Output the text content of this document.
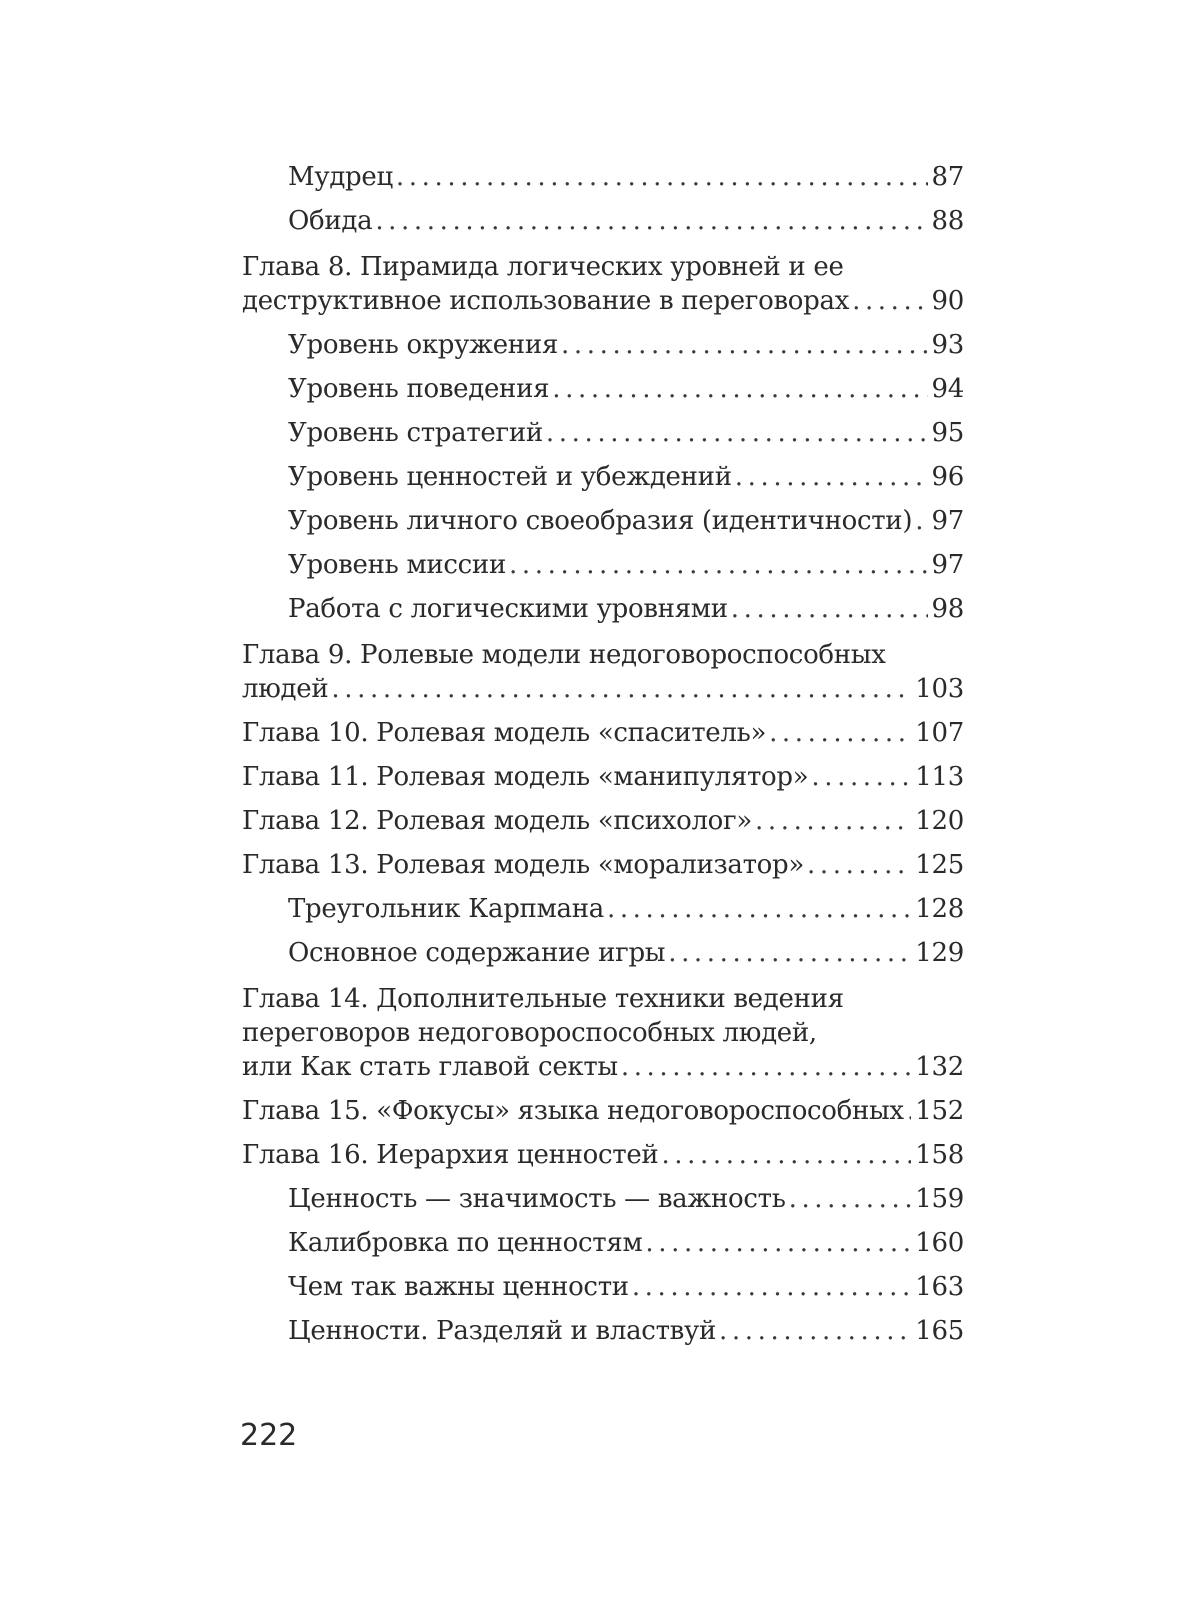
Мудрец .....	87
Обида .....	88
Глава 8. Пирамида логических уровней и ее
деструктивное использование в переговорах .....	90
Уровень окружения .....	93
Уровень поведения .....	94
Уровень стратегий .....	95
Уровень ценностей и убеждений .....	96
Уровень личного своеобразия (идентичности) ..... 97
Уровень миссии .....	97
Работа с логическими уровнями .....	98
Глава 9. Ролевые модели недоговороспособных
людей .....	103
Глава 10. Ролевая модель «спаситель» .....	107
Глава 11. Ролевая модель «манипулятор» .....	113
Глава 12. Ролевая модель «психолог» .....	120
Глава 13. Ролевая модель «морализатор» .....	125
Треугольник Карпмана .....	128
Основное содержание игры .....	129
Глава 14. Дополнительные техники ведения
переговоров недоговороспособных людей,
или Как стать главой секты .....	132
Глава 15. «Фокусы» языка недоговороспособных ..... 152
Глава 16. Иерархия ценностей .....	158
Ценность — значимость — важность .....	159
Калибровка по ценностям .....	160
Чем так важны ценности .....	163
Ценности. Разделяй и властвуй .....	165
222
